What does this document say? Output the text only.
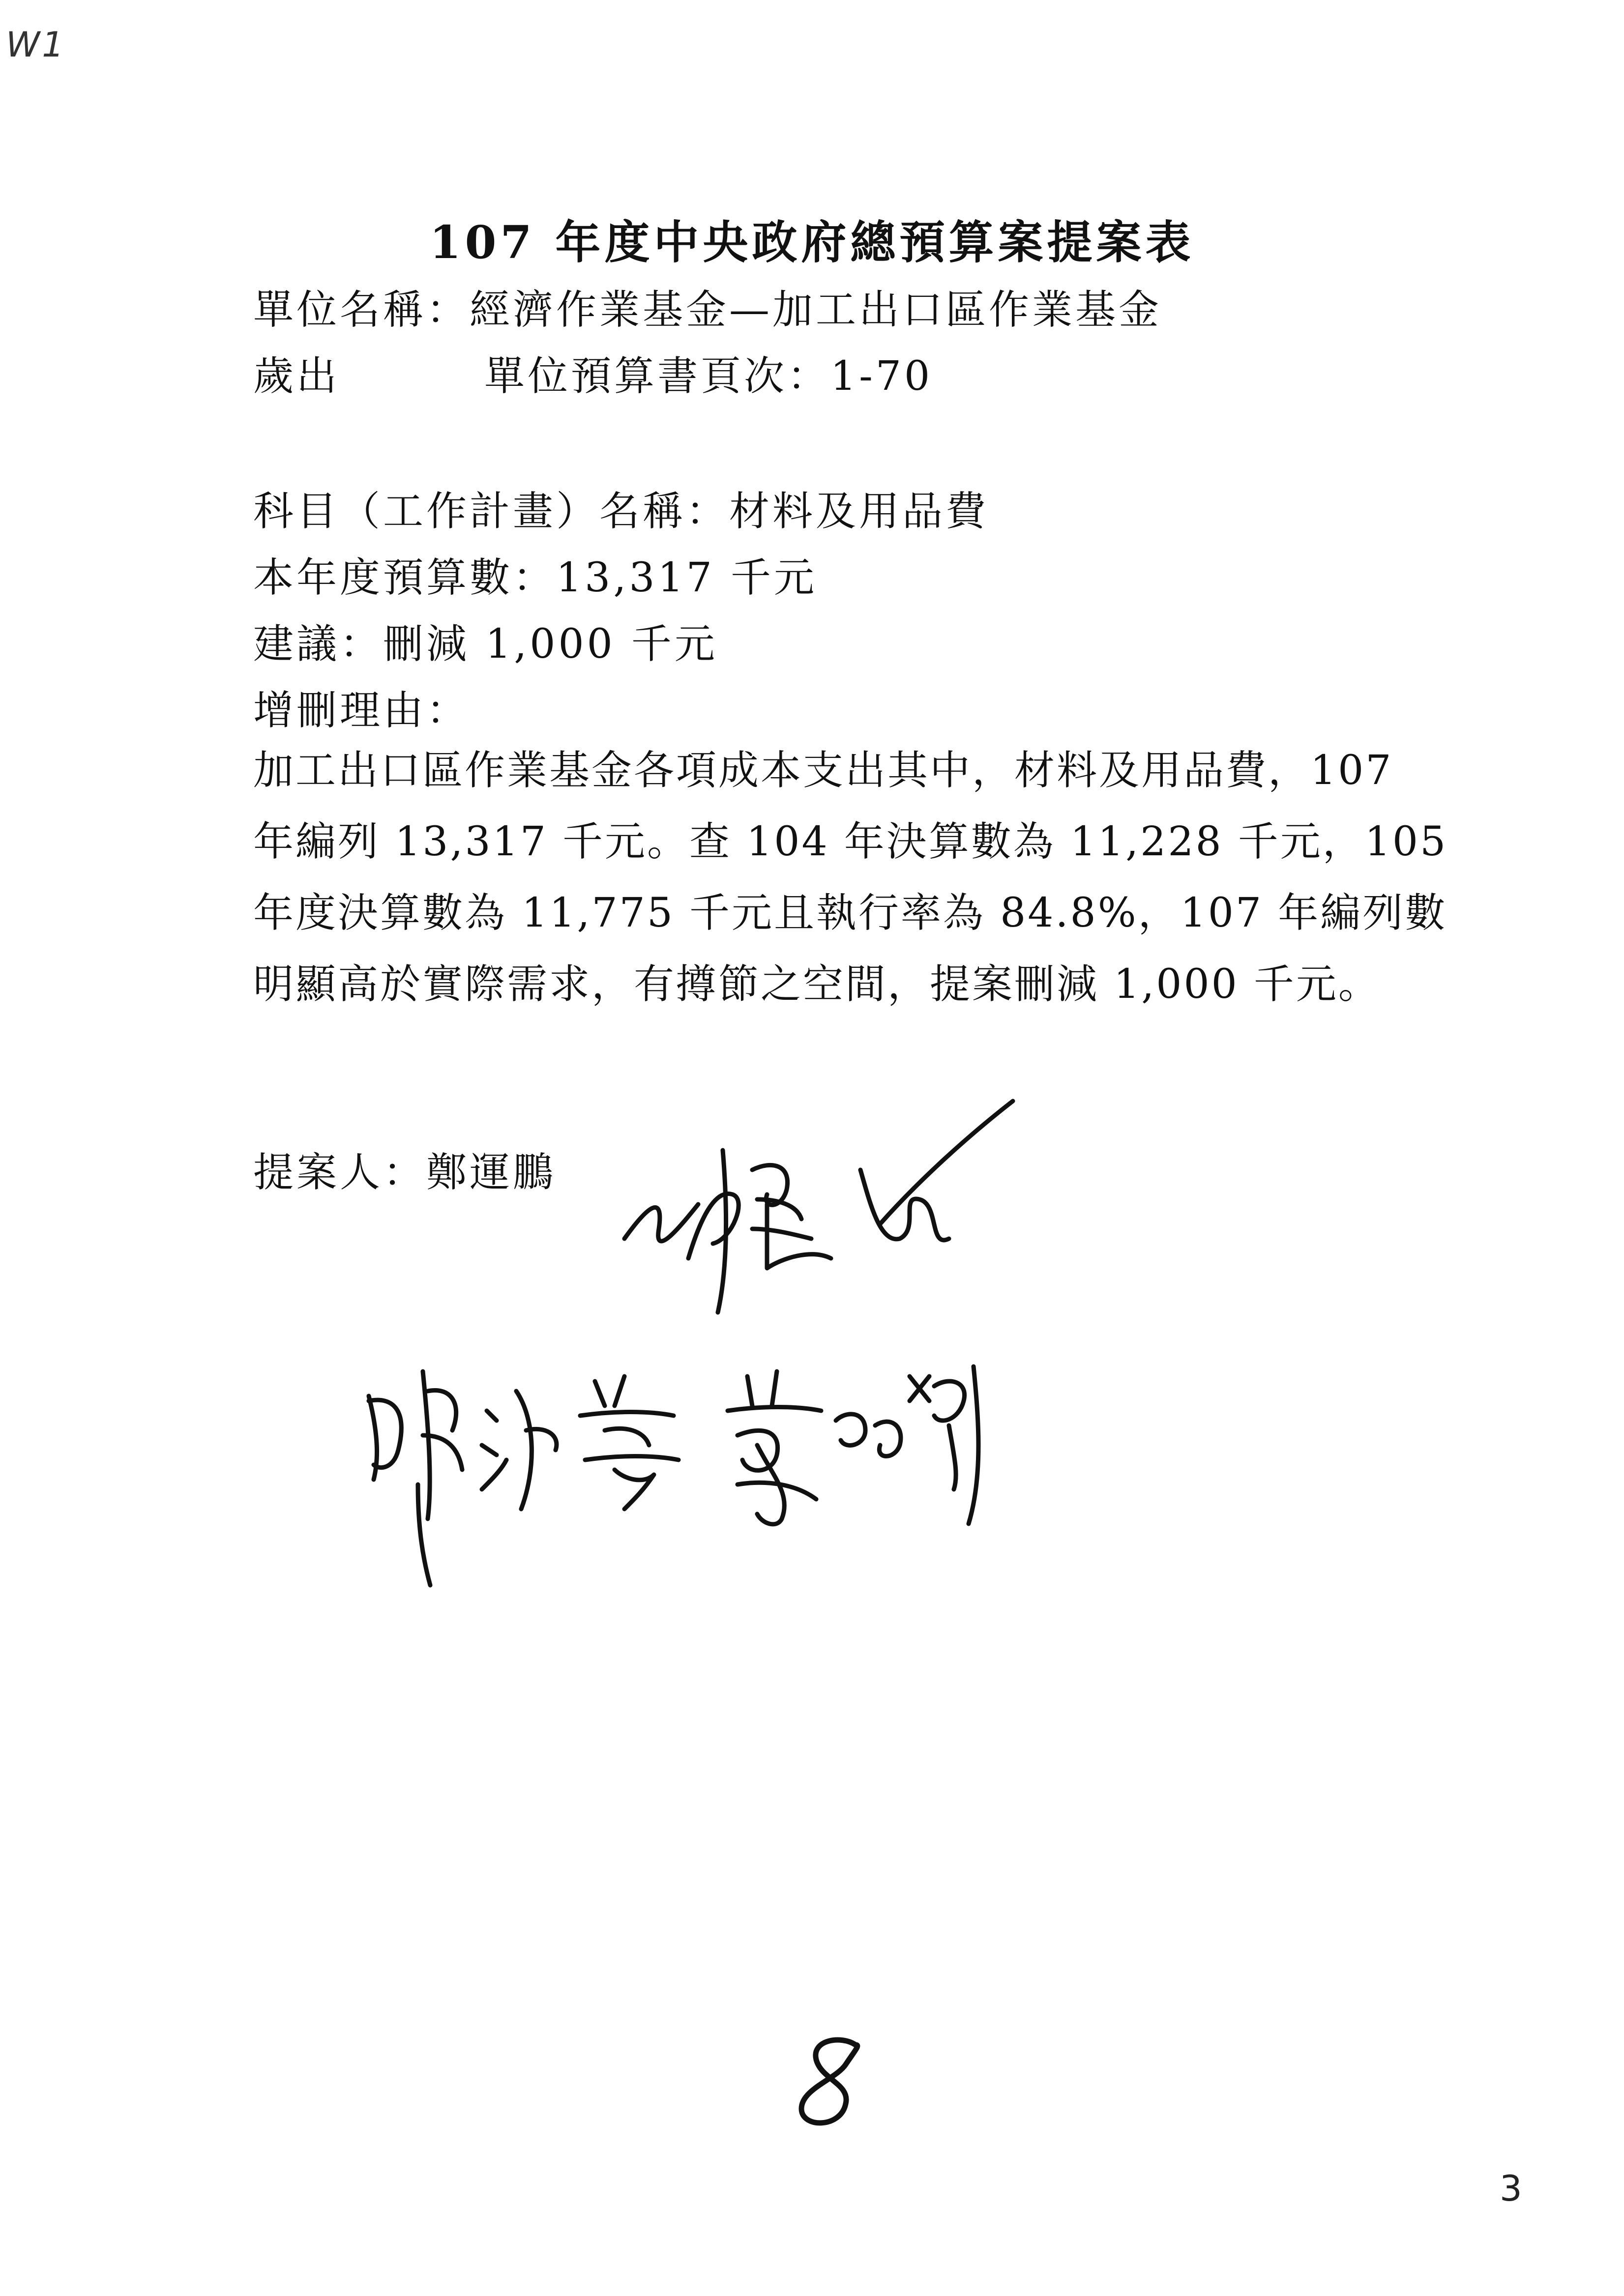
W1
107 年度中央政府總預算案提案表
單位名稱：經濟作業基金—加工出口區作業基金
歲出	單位預算書頁次：1-70
科目（工作計畫）名稱：材料及用品費
本年度預算數：13,317 千元
建議：刪減 1,000 千元
增刪理由：
加工出口區作業基金各項成本支出其中，材料及用品費，107
年編列 13,317 千元。查 104 年決算數為 11,228 千元，105
年度決算數為 11,775 千元且執行率為 84.8%，107 年編列數
明顯高於實際需求，有撙節之空間，提案刪減 1,000 千元。
提案人：鄭運鵬
3
